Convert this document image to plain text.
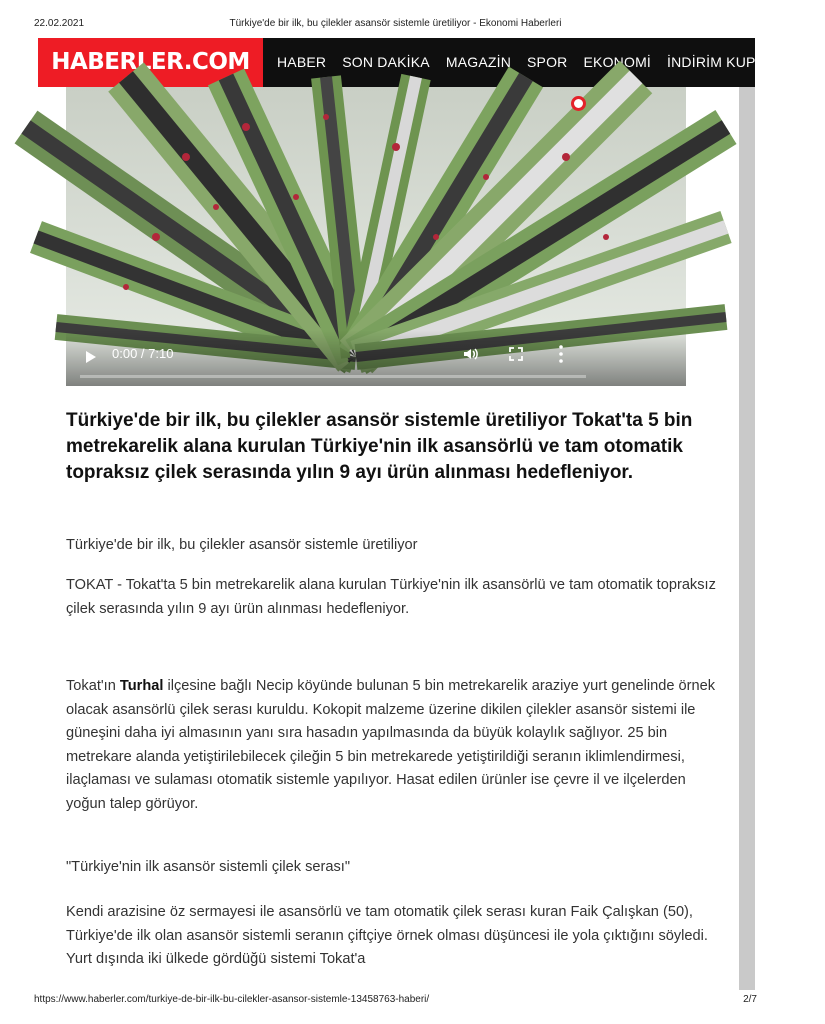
22.02.2021	Türkiye'de bir ilk, bu çilekler asansör sistemle üretiliyor - Ekonomi Haberleri
HABERLER.COM	HABER SON DAKİKA MAGAZİN SPOR EKONOMİ İNDİRİM KUPONLARI
0:00 / 7:10
Türkiye'de bir ilk, bu çilekler asansör sistemle üretiliyor Tokat'ta 5 bin metrekarelik alana kurulan Türkiye'nin ilk asansörlü ve tam otomatik topraksız çilek serasında yılın 9 ayı ürün alınması hedefleniyor.

Türkiye'de bir ilk, bu çilekler asansör sistemle üretiliyor

TOKAT - Tokat'ta 5 bin metrekarelik alana kurulan Türkiye'nin ilk asansörlü ve tam otomatik topraksız çilek serasında yılın 9 ayı ürün alınması hedefleniyor.

Tokat'ın Turhal ilçesine bağlı Necip köyünde bulunan 5 bin metrekarelik araziye yurt genelinde örnek olacak asansörlü çilek serası kuruldu. Kokopit malzeme üzerine dikilen çilekler asansör sistemi ile güneşini daha iyi almasının yanı sıra hasadın yapılmasında da büyük kolaylık sağlıyor. 25 bin metrekare alanda yetiştirilebilecek çileğin 5 bin metrekarede yetiştirildiği seranın iklimlendirmesi, ilaçlaması ve sulaması otomatik sistemle yapılıyor. Hasat edilen ürünler ise çevre il ve ilçelerden yoğun talep görüyor.

"Türkiye'nin ilk asansör sistemli çilek serası"

Kendi arazisine öz sermayesi ile asansörlü ve tam otomatik çilek serası kuran Faik Çalışkan (50), Türkiye'de ilk olan asansör sistemli seranın çiftçiye örnek olması düşüncesi ile yola çıktığını söyledi. Yurt dışında iki ülkede gördüğü sistemi Tokat'a

https://www.haberler.com/turkiye-de-bir-ilk-bu-cilekler-asansor-sistemle-13458763-haberi/	2/7
